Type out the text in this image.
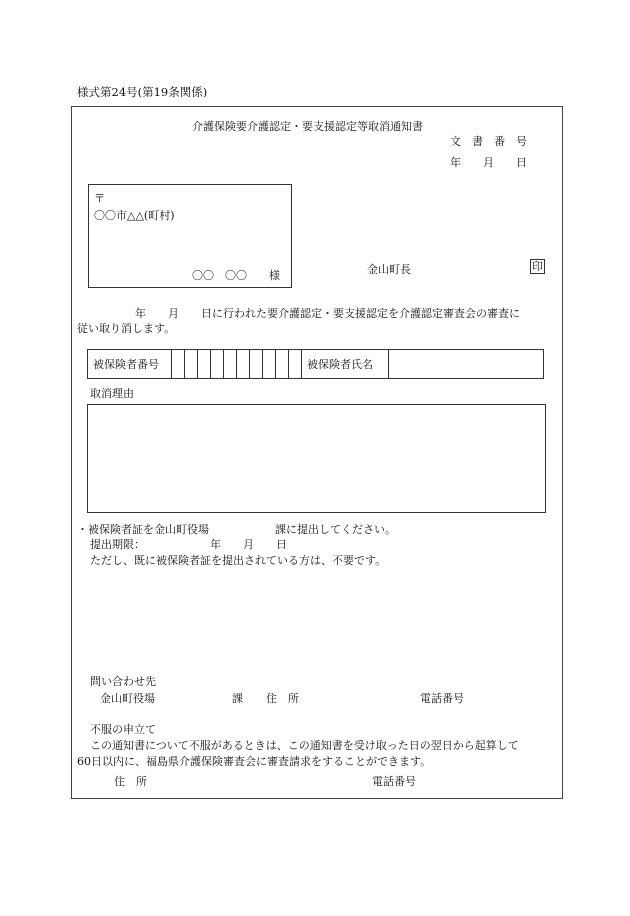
様式第24号(第19条関係)
介護保険要介護認定・要支援認定等取消通知書
文　書　番　号
年　　月　　日
〒
〇〇市△△(町村)
〇〇　〇〇　　様	金山町長	印
年　　月　　日に行われた要介護認定・要支援認定を介護認定審査会の審査に
従い取り消します。
被保険者番号											被保険者氏名	
取消理由
・被保険者証を金山町役場　　　　　　課に提出してください。
提出期限：	年　　月　　日
ただし、既に被保険者証を提出されている方は、不要です。
問い合わせ先
金山町役場	課 住　所	電話番号
不服の申立て
この通知書について不服があるときは、この通知書を受け取った日の翌日から起算して
60日以内に、福島県介護保険審査会に審査請求をすることができます。
住　所	電話番号
